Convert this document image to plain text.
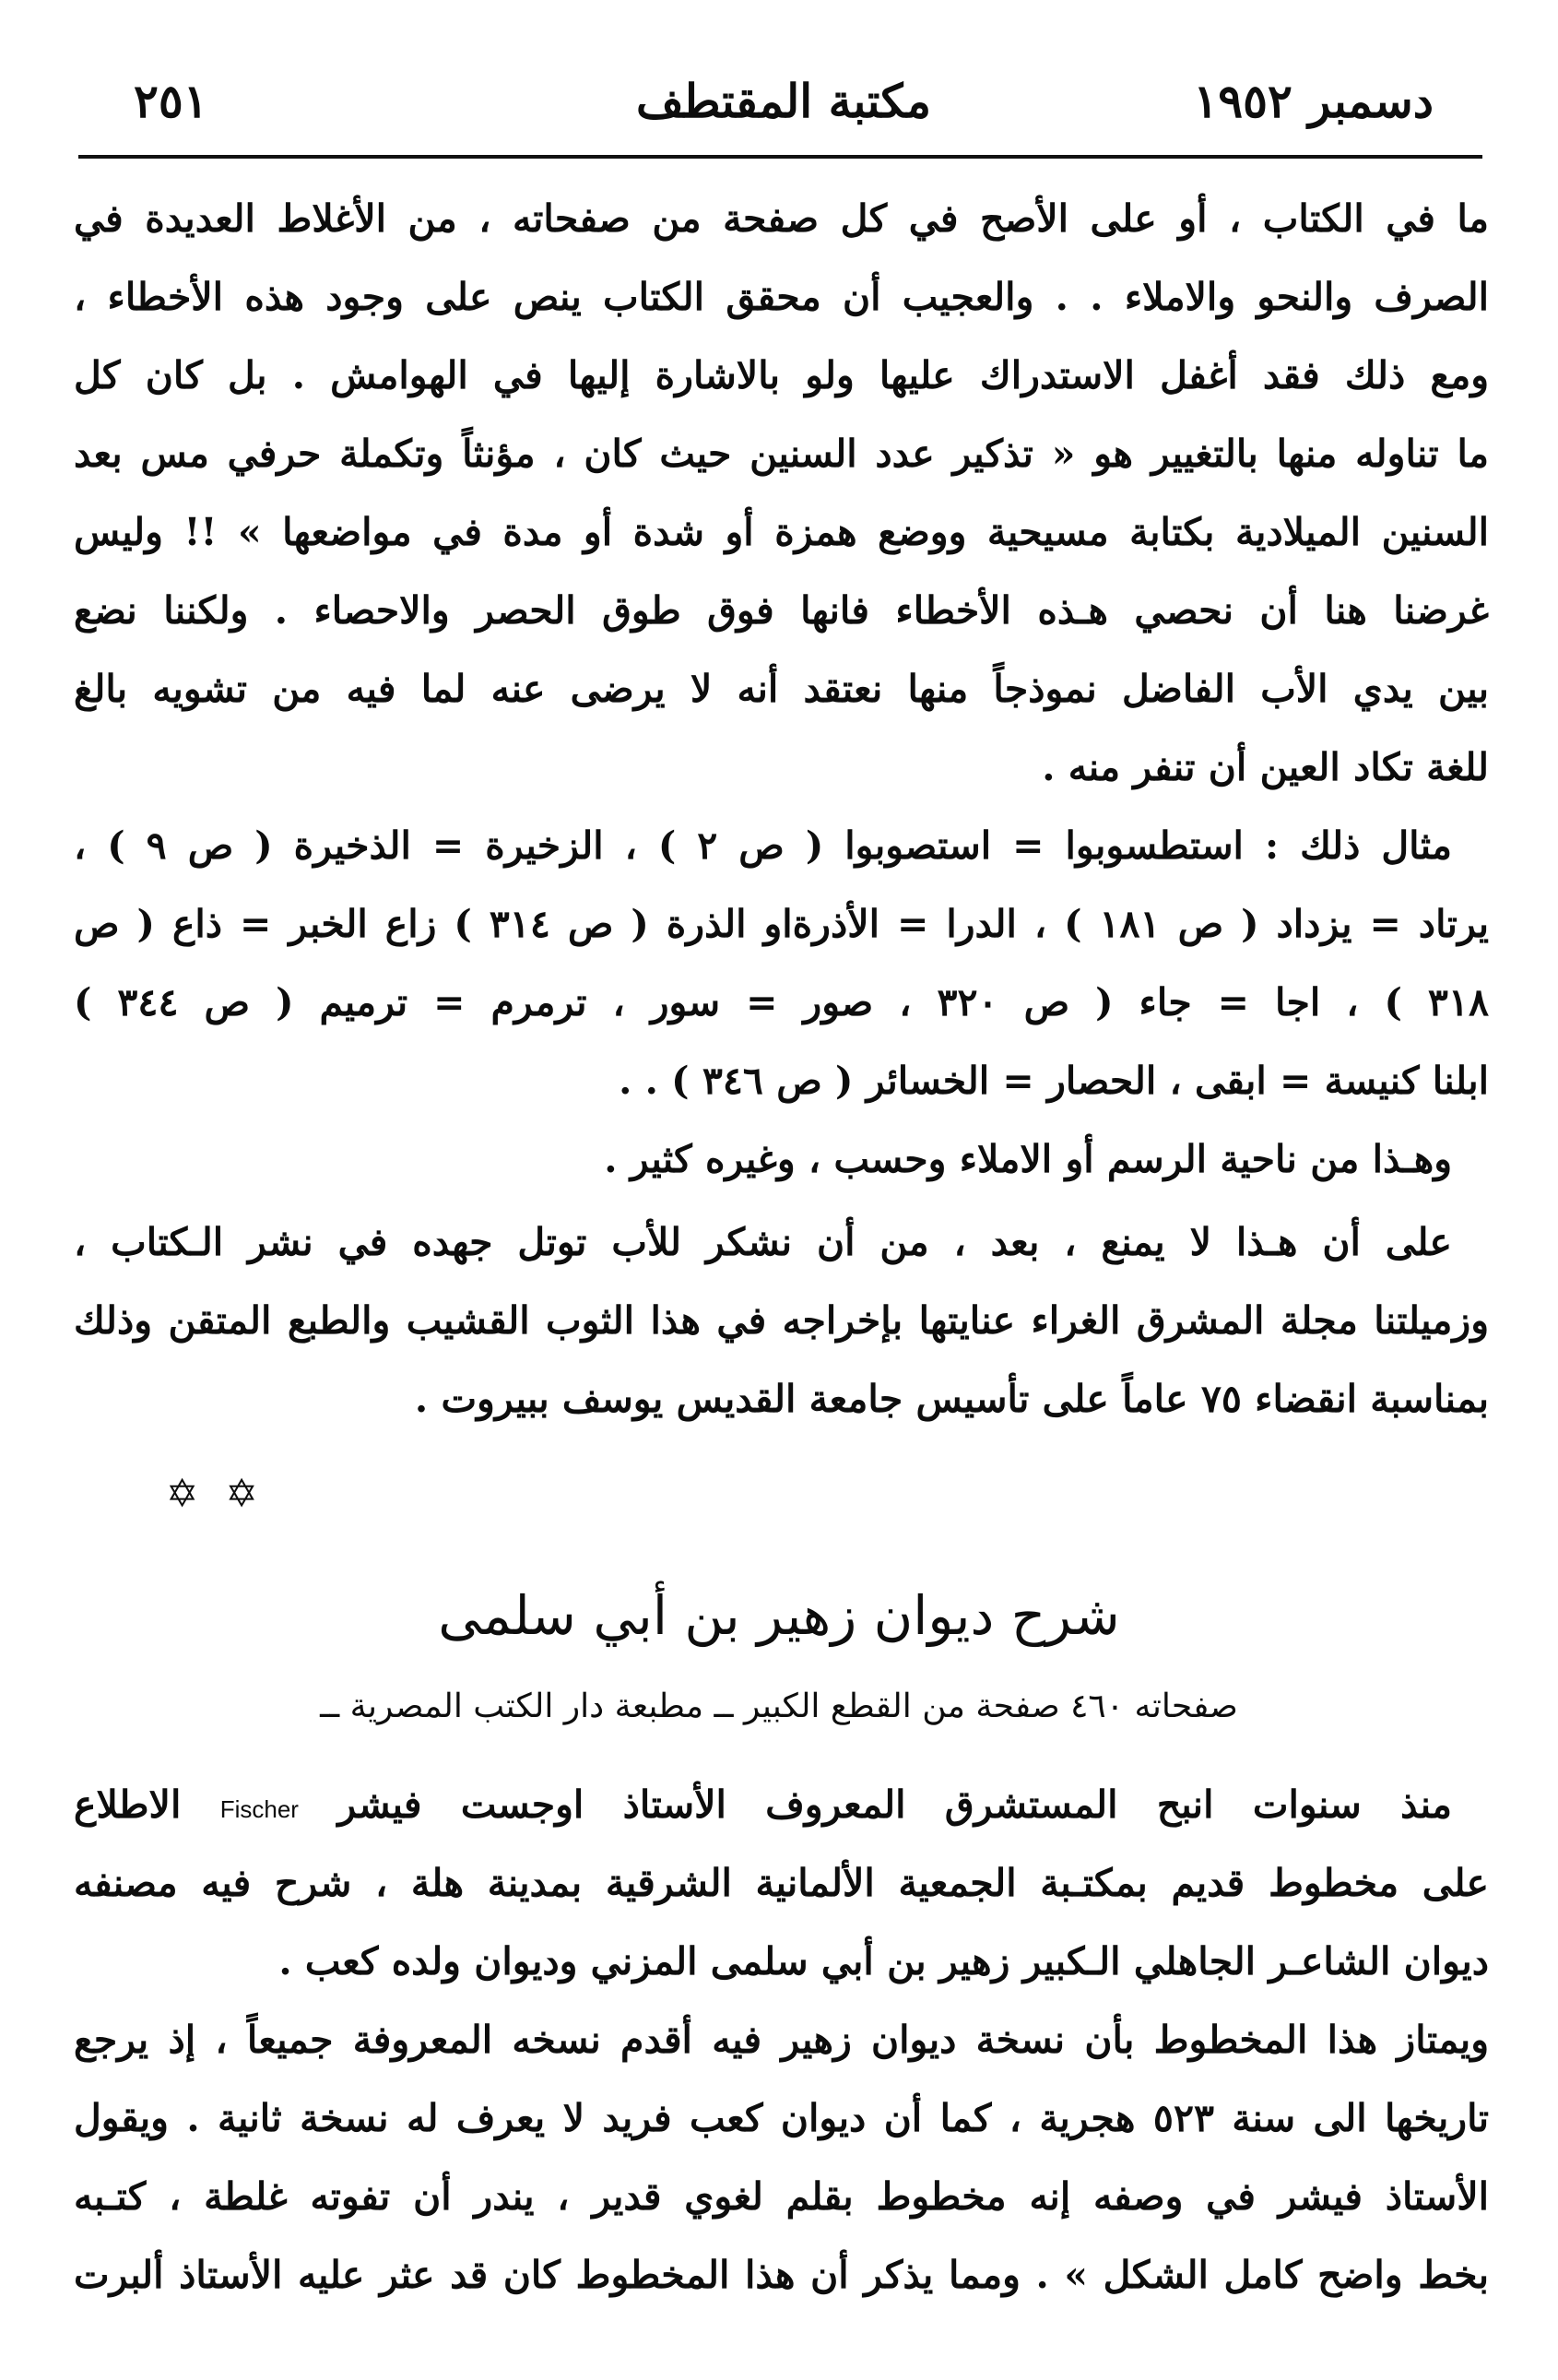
دسمبر ١٩٥٢
مكتبة المقتطف
٢٥١
ما في الكتاب ، أو على الأصح في كل صفحة من صفحاته ، من الأغلاط العديدة في
الصرف والنحو والاملاء . . والعجيب أن محقق الكتاب ينص على وجود هذه الأخطاء ،
ومع ذلك فقد أغفل الاستدراك عليها ولو بالاشارة إليها في الهوامش . بل كان كل
ما تناوله منها بالتغيير هو « تذكير عدد السنين حيث كان ، مؤنثاً وتكملة حرفي مس بعد
السنين الميلادية بكتابة مسيحية ووضع همزة أو شدة أو مدة في مواضعها » !! وليس
غرضنا هنا أن نحصي هـذه الأخطاء فانها فوق طوق الحصر والاحصاء . ولكننا نضع
بين يدي الأب الفاضل نموذجاً منها نعتقد أنه لا يرضى عنه لما فيه من تشويه بالغ
للغة تكاد العين أن تنفر منه .
مثال ذلك : استطسوبوا = استصوبوا ( ص ٢ ) ، الزخيرة = الذخيرة ( ص ٩ ) ،
يرتاد = يزداد ( ص ١٨١ ) ، الدرا = الأذرةاو الذرة ( ص ٣١٤ ) زاع الخبر = ذاع ( ص
٣١٨ ) ، اجا = جاء ( ص ٣٢٠ ، صور = سور ، ترمرم = ترميم ( ص ٣٤٤ )
ابلنا كنيسة = ابقى ، الحصار = الخسائر ( ص ٣٤٦ ) . .
وهـذا من ناحية الرسم أو الاملاء وحسب ، وغيره كثير .
على أن هـذا لا يمنع ، بعد ، من أن نشكر للأب توتل جهده في نشر الـكتاب ،
وزميلتنا مجلة المشرق الغراء عنايتها بإخراجه في هذا الثوب القشيب والطبع المتقن وذلك
بمناسبة انقضاء ٧٥ عاماً على تأسيس جامعة القديس يوسف ببيروت .
✡ ✡
شرح ديوان زهير بن أبي سلمى
صفحاته ٤٦٠ صفحة من القطع الكبير ــ مطبعة دار الكتب المصرية ــ
منذ سنوات انبح المستشرق المعروف الأستاذ اوجست فيشر Fischer الاطلاع
على مخطوط قديم بمكتـبة الجمعية الألمانية الشرقية بمدينة هلة ، شرح فيه مصنفه
ديوان الشاعـر الجاهلي الـكبير زهير بن أبي سلمى المزني وديوان ولده كعب .
ويمتاز هذا المخطوط بأن نسخة ديوان زهير فيه أقدم نسخه المعروفة جميعاً ، إذ يرجع
تاريخها الى سنة ٥٢٣ هجرية ، كما أن ديوان كعب فريد لا يعرف له نسخة ثانية . ويقول
الأستاذ فيشر في وصفه إنه مخطوط بقلم لغوي قدير ، يندر أن تفوته غلطة ، كتـبه
بخط واضح كامل الشكل » . ومما يذكر أن هذا المخطوط كان قد عثر عليه الأستاذ ألبرت
